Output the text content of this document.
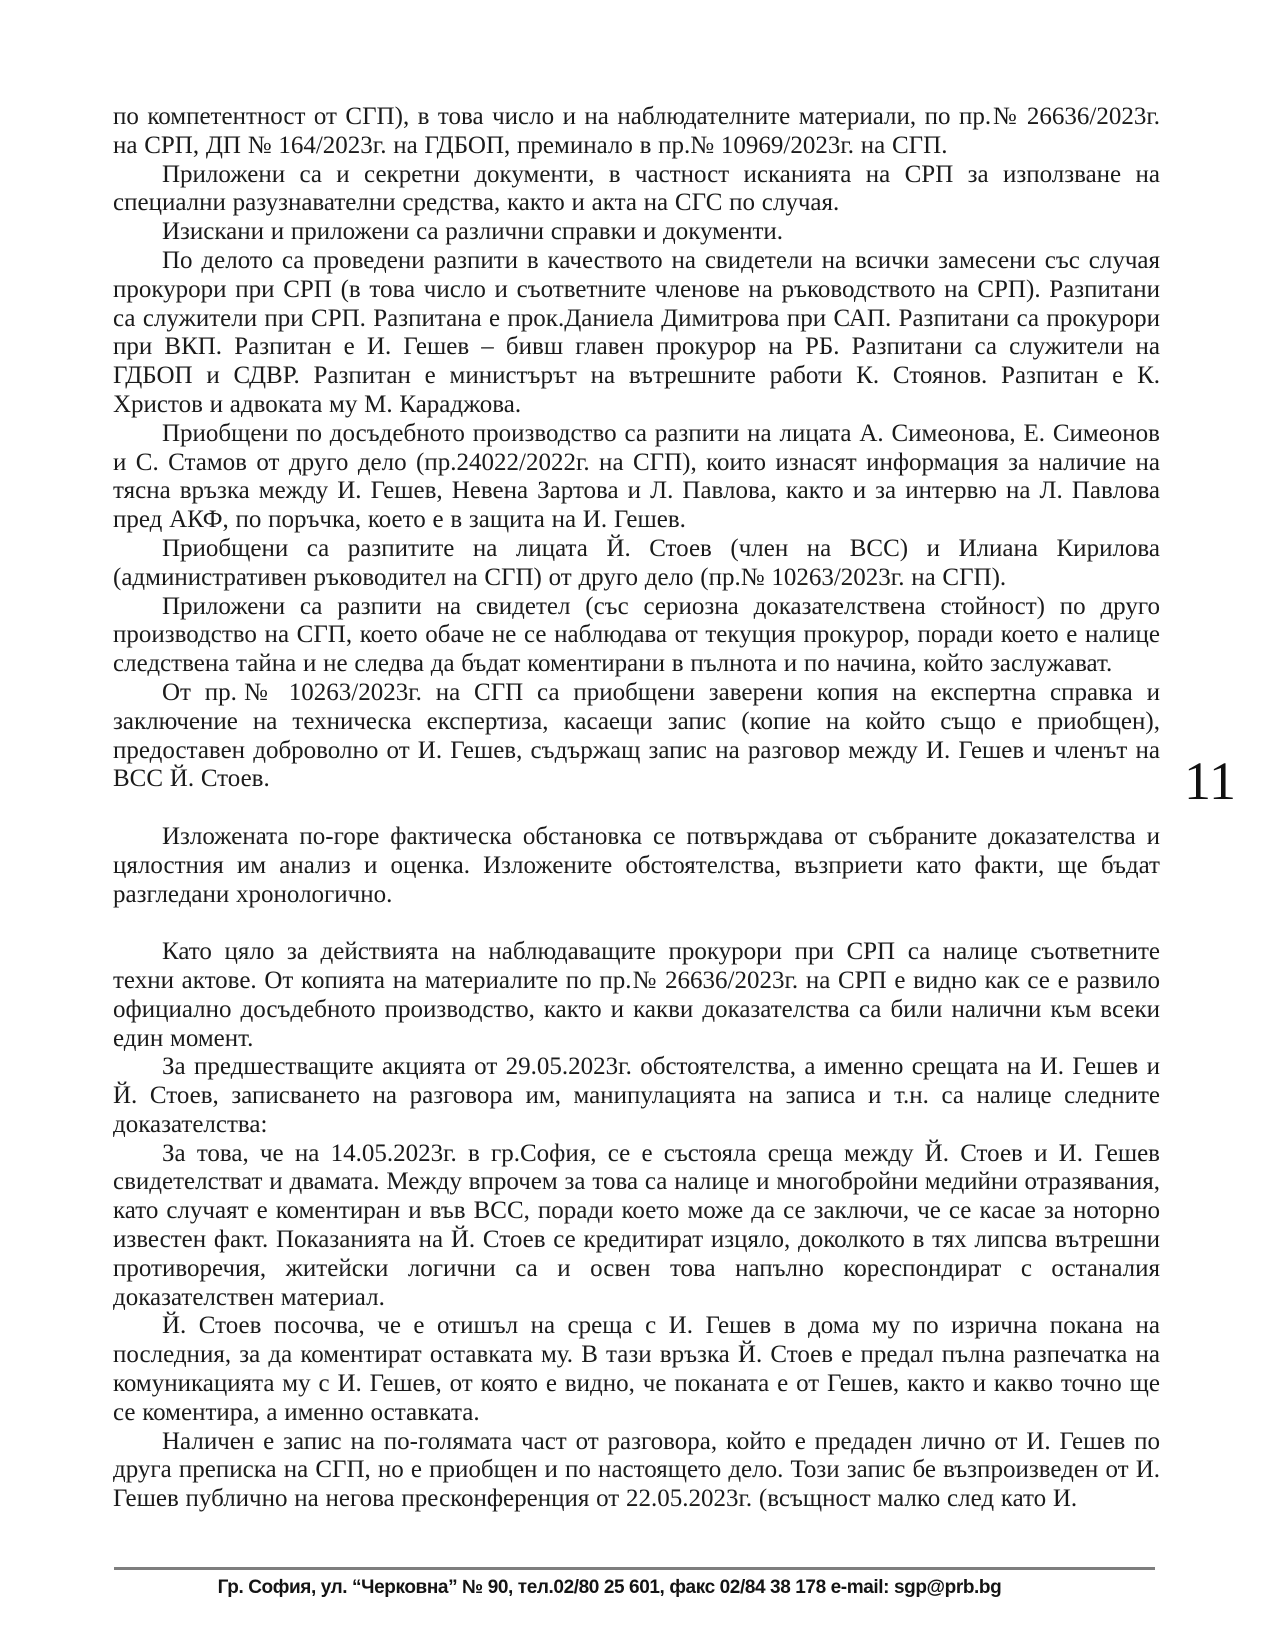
по компетентност от СГП), в това число и на наблюдателните материали, по пр.№ 26636/2023г. на СРП, ДП № 164/2023г. на ГДБОП, преминало в пр.№ 10969/2023г. на СГП.

Приложени са и секретни документи, в частност исканията на СРП за използване на специални разузнавателни средства, както и акта на СГС по случая.

Изискани и приложени са различни справки и документи.

По делото са проведени разпити в качеството на свидетели на всички замесени със случая прокурори при СРП (в това число и съответните членове на ръководството на СРП). Разпитани са служители при СРП. Разпитана е прок.Даниела Димитрова при САП. Разпитани са прокурори при ВКП. Разпитан е И. Гешев – бивш главен прокурор на РБ. Разпитани са служители на ГДБОП и СДВР. Разпитан е министърът на вътрешните работи К. Стоянов. Разпитан е К. Христов и адвоката му М. Караджова.

Приобщени по досъдебното производство са разпити на лицата А. Симеонова, Е. Симеонов и С. Стамов от друго дело (пр.24022/2022г. на СГП), които изнасят информация за наличие на тясна връзка между И. Гешев, Невена Зартова и Л. Павлова, както и за интервю на Л. Павлова пред АКФ, по поръчка, което е в защита на И. Гешев.

Приобщени са разпитите на лицата Й. Стоев (член на ВСС) и Илиана Кирилова (административен ръководител на СГП) от друго дело (пр.№ 10263/2023г. на СГП).

Приложени са разпити на свидетел (със сериозна доказателствена стойност) по друго производство на СГП, което обаче не се наблюдава от текущия прокурор, поради което е налице следствена тайна и не следва да бъдат коментирани в пълнота и по начина, който заслужават.

От пр.№ 10263/2023г. на СГП са приобщени заверени копия на експертна справка и заключение на техническа експертиза, касаещи запис (копие на който също е приобщен), предоставен доброволно от И. Гешев, съдържащ запис на разговор между И. Гешев и членът на ВСС Й. Стоев.

Изложената по-горе фактическа обстановка се потвърждава от събраните доказателства и цялостния им анализ и оценка. Изложените обстоятелства, възприети като факти, ще бъдат разгледани хронологично.

Като цяло за действията на наблюдаващите прокурори при СРП са налице съответните техни актове. От копията на материалите по пр.№ 26636/2023г. на СРП е видно как се е развило официално досъдебното производство, както и какви доказателства са били налични към всеки един момент.

За предшестващите акцията от 29.05.2023г. обстоятелства, а именно срещата на И. Гешев и Й. Стоев, записването на разговора им, манипулацията на записа и т.н. са налице следните доказателства:

За това, че на 14.05.2023г. в гр.София, се е състояла среща между Й. Стоев и И. Гешев свидетелстват и двамата. Между впрочем за това са налице и многобройни медийни отразявания, като случаят е коментиран и във ВСС, поради което може да се заключи, че се касае за ноторно известен факт. Показанията на Й. Стоев се кредитират изцяло, доколкото в тях липсва вътрешни противоречия, житейски логични са и освен това напълно кореспондират с останалия доказателствен материал.

Й. Стоев посочва, че е отишъл на среща с И. Гешев в дома му по изрична покана на последния, за да коментират оставката му. В тази връзка Й. Стоев е предал пълна разпечатка на комуникацията му с И. Гешев, от която е видно, че поканата е от Гешев, както и какво точно ще се коментира, а именно оставката.

Наличен е запис на по-голямата част от разговора, който е предаден лично от И. Гешев по друга преписка на СГП, но е приобщен и по настоящето дело. Този запис бе възпроизведен от И. Гешев публично на негова пресконференция от 22.05.2023г. (всъщност малко след като И.

11
Гр. София, ул. “Черковна” № 90, тел.02/80 25 601, факс 02/84 38 178 e-mail: sgp@prb.bg
